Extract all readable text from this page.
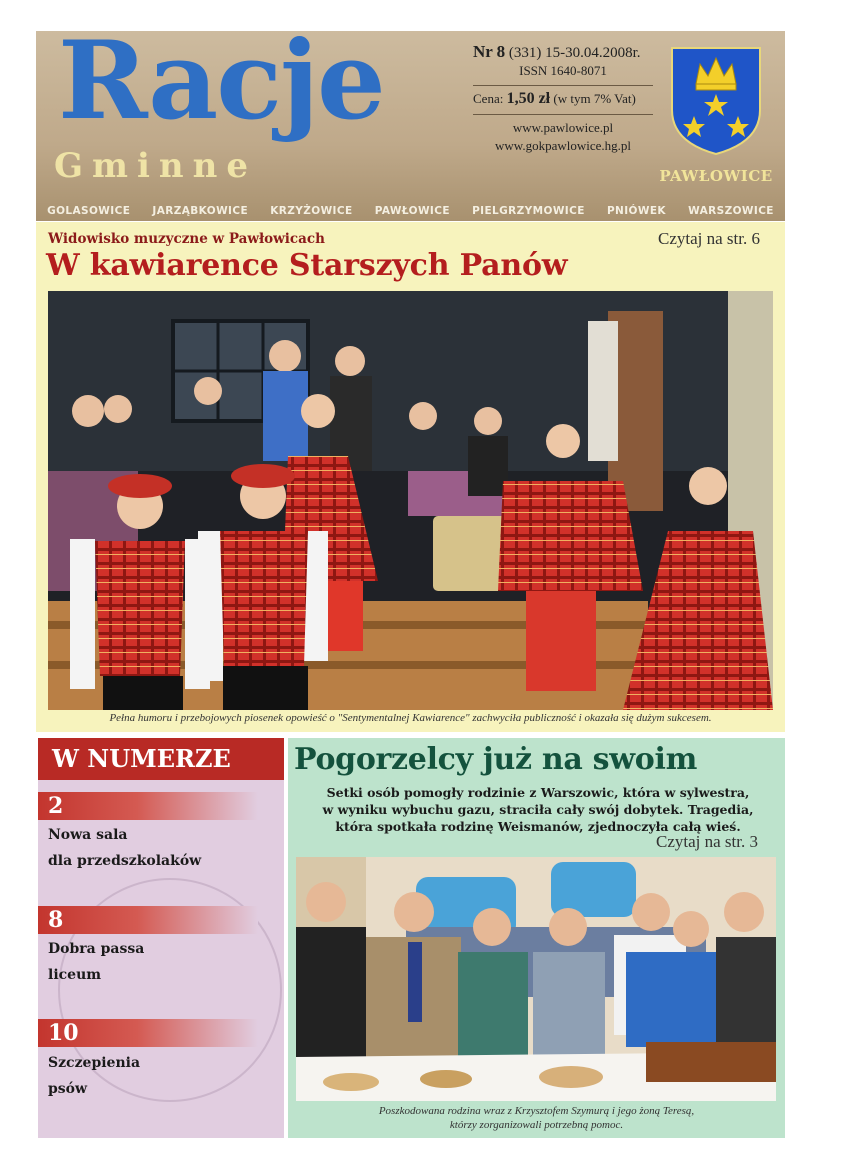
Racje
Gminne
Nr 8 (331) 15-30.04.2008r.
ISSN 1640-8071
Cena: 1,50 zł (w tym 7% Vat)
www.pawlowice.pl
www.gokpawlowice.hg.pl
PAWŁOWICE
GOLASOWICE JARZĄBKOWICE KRZYŻOWICE PAWŁOWICE PIELGRZYMOWICE PNIÓWEK WARSZOWICE
Widowisko muzyczne w Pawłowicach	Czytaj na str. 6
W kawiarence Starszych Panów
Pełna humoru i przebojowych piosenek opowieść o "Sentymentalnej Kawiarence" zachwyciła publiczność i okazała się dużym sukcesem.
W NUMERZE
2
Nowa sala
dla przedszkolaków
8
Dobra passa
liceum
10
Szczepienia
psów
Pogorzelcy już na swoim
Setki osób pomogły rodzinie z Warszowic, która w sylwestra,
w wyniku wybuchu gazu, straciła cały swój dobytek. Tragedia,
która spotkała rodzinę Weismanów, zjednoczyła całą wieś.
Czytaj na str. 3
Poszkodowana rodzina wraz z Krzysztofem Szymurą i jego żoną Teresą,
którzy zorganizowali potrzebną pomoc.
